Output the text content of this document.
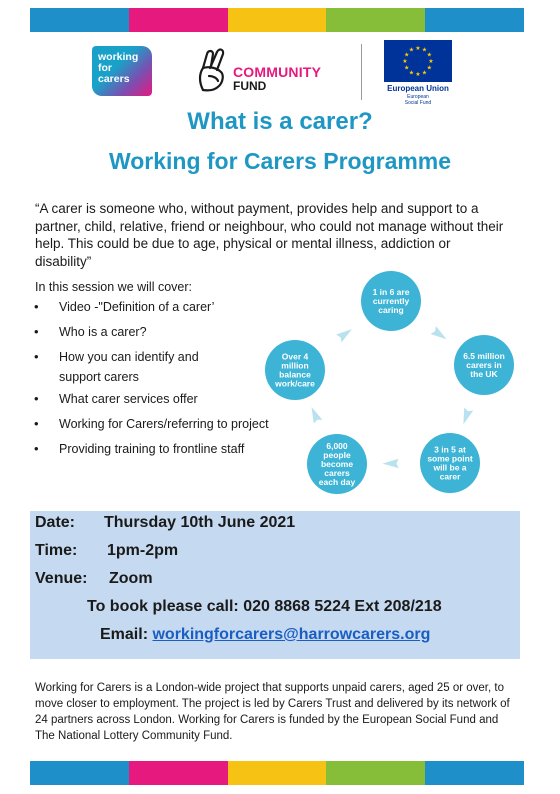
working
for
carers	COMMUNITY
FUND
★
★
★
★
★
★
★
★
★ ★ ★
★
European Union
European
Social Fund
What is a carer?
Working for Carers Programme
“A carer is someone who, without payment, provides help and support to a partner, child, relative, friend or neighbour, who could not manage without their help. This could be due to age, physical or mental illness, addiction or disability”
In this session we will cover:
• Video -"Definition of a carer’
• Who is a carer?
• How you can identify and
support carers
• What carer services offer
• Working for Carers/referring to project
• Providing training to frontline staff
1 in 6 are
currently
caring
6.5 million
carers in
the UK
3 in 5 at
some point
will be a
carer
6,000
people
become
carers
each day
Over 4
million
balance
work/care
Date: Thursday 10th June 2021
Time: 1pm-2pm
Venue: Zoom
To book please call: 020 8868 5224 Ext 208/218
Email: workingforcarers@harrowcarers.org
Working for Carers is a London-wide project that supports unpaid carers, aged 25 or over, to move closer to employment. The project is led by Carers Trust and delivered by its network of 24 partners across London. Working for Carers is funded by the European Social Fund and The National Lottery Community Fund.
